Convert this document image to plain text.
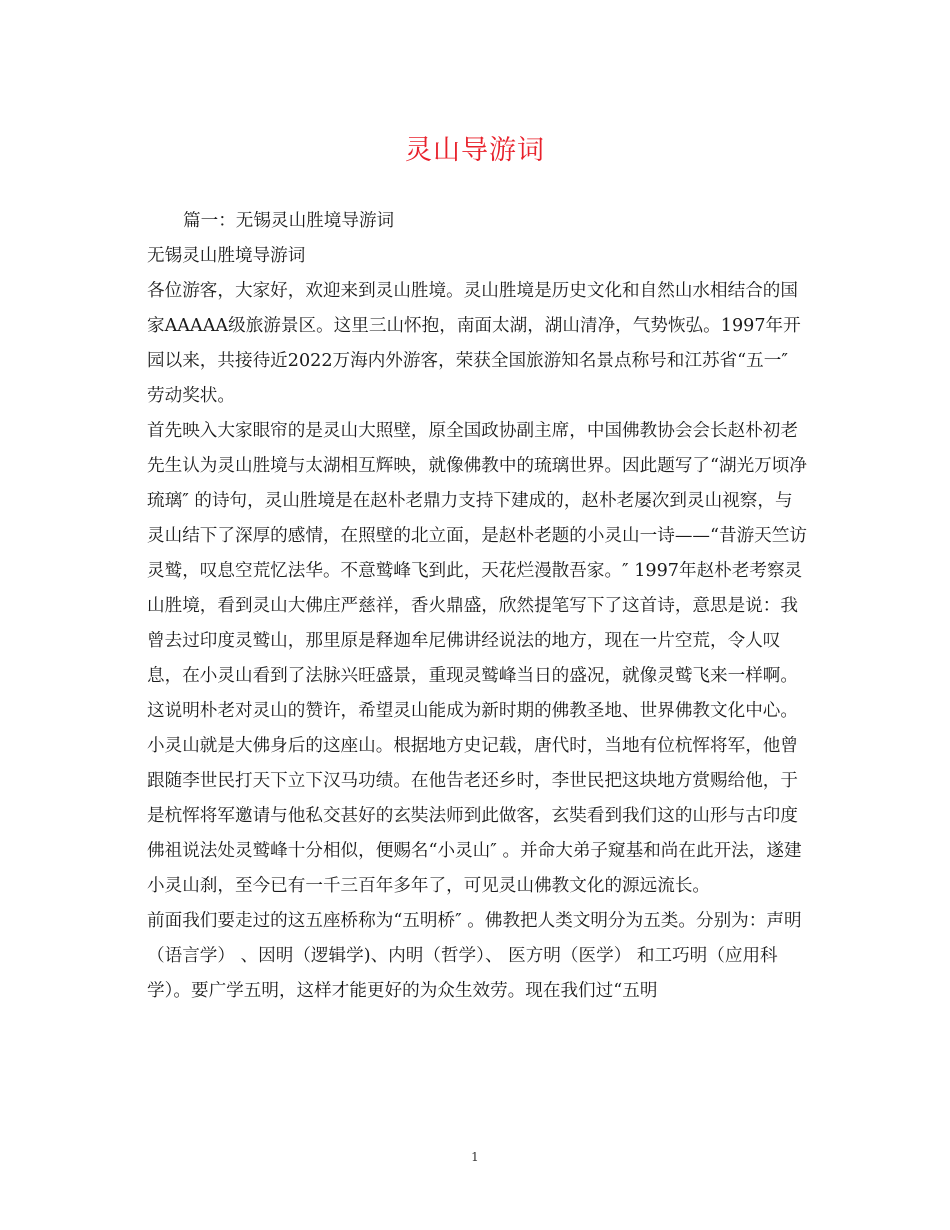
灵山导游词

篇一：无锡灵山胜境导游词

无锡灵山胜境导游词

各位游客，大家好，欢迎来到灵山胜境。灵山胜境是历史文化和自然山水相结合的国家AAAAA级旅游景区。这里三山怀抱，南面太湖，湖山清净，气势恢弘。1997年开园以来，共接待近2022万海内外游客，荣获全国旅游知名景点称号和江苏省“五一″ 劳动奖状。

首先映入大家眼帘的是灵山大照壁，原全国政协副主席，中国佛教协会会长赵朴初老先生认为灵山胜境与太湖相互辉映，就像佛教中的琉璃世界。因此题写了“湖光万顷净琉璃″ 的诗句，灵山胜境是在赵朴老鼎力支持下建成的，赵朴老屡次到灵山视察，与灵山结下了深厚的感情，在照壁的北立面，是赵朴老题的小灵山一诗——“昔游天竺访灵鹫，叹息空荒忆法华。不意鹫峰飞到此，天花烂漫散吾家。″ 1997年赵朴老考察灵山胜境，看到灵山大佛庄严慈祥，香火鼎盛，欣然提笔写下了这首诗，意思是说：我曾去过印度灵鹫山，那里原是释迦牟尼佛讲经说法的地方，现在一片空荒，令人叹息，在小灵山看到了法脉兴旺盛景，重现灵鹫峰当日的盛况，就像灵鹫飞来一样啊。这说明朴老对灵山的赞许，希望灵山能成为新时期的佛教圣地、世界佛教文化中心。

小灵山就是大佛身后的这座山。根据地方史记载，唐代时，当地有位杭恽将军，他曾跟随李世民打天下立下汉马功绩。在他告老还乡时，李世民把这块地方赏赐给他，于是杭恽将军邀请与他私交甚好的玄奘法师到此做客，玄奘看到我们这的山形与古印度佛祖说法处灵鹫峰十分相似，便赐名“小灵山″ 。并命大弟子窥基和尚在此开法，遂建小灵山刹，至今已有一千三百年多年了，可见灵山佛教文化的源远流长。

前面我们要走过的这五座桥称为“五明桥″ 。佛教把人类文明分为五类。分别为：声明（语言学） 、因明（逻辑学)、内明（哲学）、 医方明（医学） 和工巧明（应用科学）。要广学五明，这样才能更好的为众生效劳。现在我们过“五明

1
